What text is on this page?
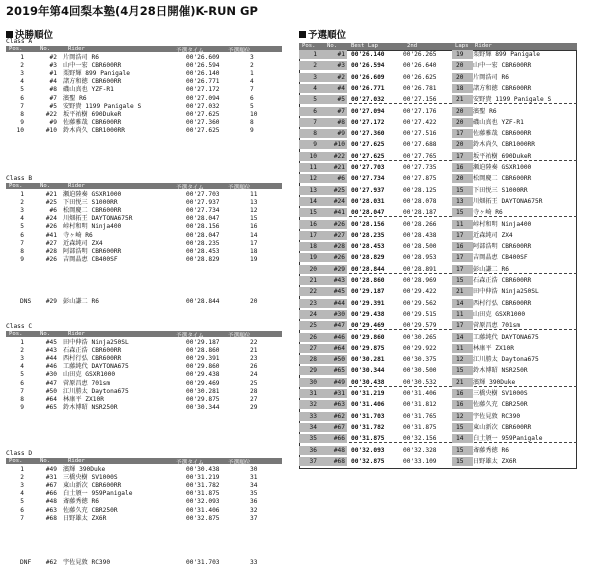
2019年第4回梨本塾(4月28日開催)K-RUN GP
決勝順位	予選順位
Class A
Pos.	No.	Rider	予選タイム	予選順位
1	#2 片岡浩司 R6	00'26.609	3
2	#3 山中一宏 CBR600RR	00'26.594	2
3	#1 栗野輝 899 Panigale	00'26.140	1
4	#4 諸方和徳 CBR600RR	00'26.771	4
5	#8 磯山真也 YZF-R1	00'27.172	7
6	#7 濱聖 R6	00'27.094	6
7	#5 安野貴 1199 Panigale S	00'27.032	5
8	#22 坂平祐樹 690DukeR	00'27.625	10
9	#9 佐藤雅哉 CBR600RR	00'27.360	8
10	#10 鈴木尚久 CBR1000RR	00'27.625	9
Class B
Pos.	No.	Rider	予選タイム	予選順位
1	#21 瀬迫陸奏 GSXR1000	00'27.703	11
2	#25 下田悦三 S1000RR	00'27.937	13
3	#6 松岡慶二 CBR600RR	00'27.734	12
4	#24 川畑拓王 DAYTONA675R	00'28.047	15
5	#26 峠村和明 Ninja400	00'28.156	16
6	#41 寺ヶ崎 R6	00'28.047	14
7	#27 近森純司 ZX4	00'28.235	17
8	#28 阿部浩明 CBR600RR	00'28.453	18
9	#26 吉岡晶恵 CB400SF	00'28.829	19
DNS #29 彭山謙二 R6	00'28.844	20
Class C
Pos.	No.	Rider	予選タイム	予選順位
1	#45 田中伸浩 Ninja250SL	00'29.187	22
2	#43 石森正浩 CBR600RR	00'28.860	21
3	#44 西村行弘 CBR600RR	00'29.391	23
4	#46 工藤純代 DAYTONA675	00'29.860	26
5	#30 山田克 GSXR1000	00'29.438	24
6	#47 菅原昌恵 701sm	00'29.469	25
7	#50 江川勝太 Daytona675	00'30.281	28
8	#64 林康平 ZX10R	00'29.875	27
9	#65 鈴木博昭 NSR250R	00'30.344	29
Class D
Pos.	No.	Rider	予選タイム	予選順位
1	#49 濱輝 390Duke	00'30.438	30
2	#31 三橋央樹 SV1000S	00'31.219	31
3	#67 東山新次 CBR600RR	00'31.782	34
4	#66 白土頒一 959Panigale	00'31.875	35
5	#48 斎藤秀徳 R6	00'32.093	36
6	#63 佐藤久充 CBR250R	00'31.406	32
7	#68 日野雄太 ZX6R	00'32.875	37
DNF #62 宇佐見敦 RC390	00'31.703	33
Pos. No. Best Lap	2nd	Laps Rider
1	#1 00'26.140	00'26.265	19 栗野輝 899 Panigale
2	#3 00'26.594	00'26.640	20 山中一宏 CBR600RR
3	#2 00'26.609	00'26.625	20 片岡浩司 R6
4	#4 00'26.771	00'26.781	18 諸方和徳 CBR600RR
5	#5 00'27.032	00'27.156	21 安野貴 1199 Panigale S
6	#7 00'27.094	00'27.176	20 濱聖 R6
7	#8 00'27.172	00'27.422	20 磯山真也 YZF-R1
8	#9 00'27.360	00'27.516	17 佐藤雅哉 CBR600RR
9	#10 00'27.625	00'27.688	20 鈴木尚久 CBR1000RR
10	#22 00'27.625	00'27.765	17 坂平祐樹 690DukeR
11	#21 00'27.703	00'27.735	16 瀬迫陸奏 GSXR1000
12	#6 00'27.734	00'27.875	20 松岡慶二 CBR600RR
13	#25 00'27.937	00'28.125	15 下田悦三 S1000RR
14	#24 00'28.031	00'28.078	13 川畑拓王 DAYTONA675R
15	#41 00'28.047	00'28.187	15 寺ヶ崎 R6
16	#26 00'28.156	00'28.266	11 峠村和明 Ninja400
17	#27 00'28.235	00'28.438	17 近森純司 ZX4
18	#28 00'28.453	00'28.500	16 阿部浩明 CBR600RR
19	#26 00'28.829	00'28.953	17 吉岡晶恵 CB400SF
20	#29 00'28.844	00'28.891	17 彭山謙二 R6
21	#43 00'28.860	00'28.969	15 石森正浩 CBR600RR
22	#45 00'29.187	00'29.422	21 田中伸浩 Ninja250SL
23	#44 00'29.391	00'29.562	14 西村行弘 CBR600RR
24	#30 00'29.438	00'29.515	11 山田克 GSXR1000
25	#47 00'29.469	00'29.579	17 菅原昌恵 701sm
26	#46 00'29.860	00'30.265	14 工藤純代 DAYTONA675
27	#64 00'29.875	00'29.922	11 林康平 ZX10R
28	#50 00'30.281	00'30.375	12 江川勝太 Daytona675
29	#65 00'30.344	00'30.500	15 鈴木博昭 NSR250R
30	#49 00'30.438	00'30.532	21 濱輝 390Duke
31	#31 00'31.219	00'31.406	16 三橋央樹 SV1000S
32	#63 00'31.406	00'31.812	16 佐藤久充 CBR250R
33	#62 00'31.703	00'31.765	12 宇佐見敦 RC390
34	#67 00'31.782	00'31.875	15 東山新次 CBR600RR
35	#66 00'31.875	00'32.156	14 白土頒一 959Panigale
36	#48 00'32.093	00'32.328	15 斎藤秀徳 R6
37	#68 00'32.875	00'33.109	15 日野雄太 ZX6R
